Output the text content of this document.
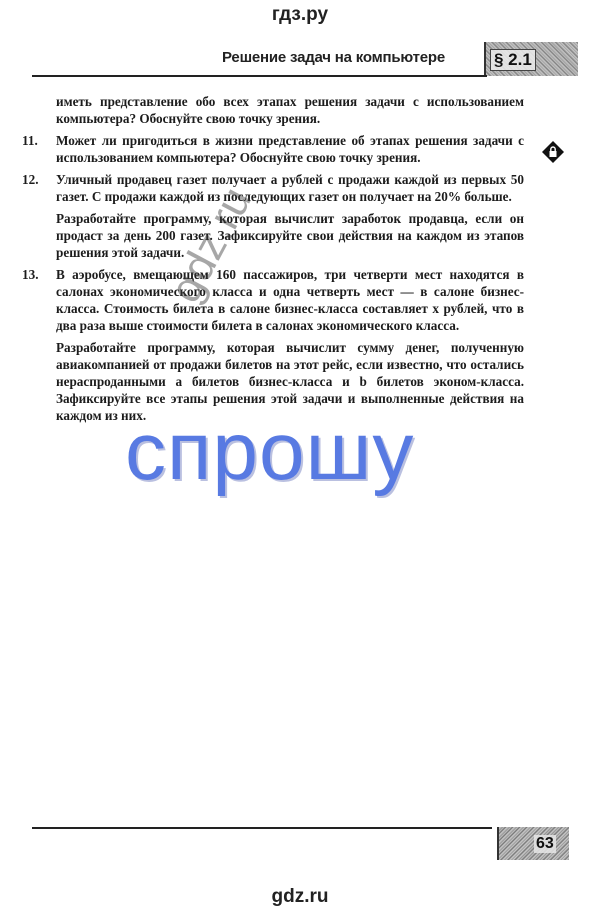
гдз.ру
Решение задач на компьютере	§ 2.1

иметь представление обо всех этапах решения задачи с использованием компьютера? Обоснуйте свою точку зрения.

11. Может ли пригодиться в жизни представление об этапах решения задачи с использованием компьютера? Обоснуйте свою точку зрения.

12. Уличный продавец газет получает a рублей с продажи каждой из первых 50 газет. С продажи каждой из последующих газет он получает на 20% больше.

Разработайте программу, которая вычислит заработок продавца, если он продаст за день 200 газет. Зафиксируйте свои действия на каждом из этапов решения этой задачи.

13. В аэробусе, вмещающем 160 пассажиров, три четверти мест находятся в салонах экономического класса и одна четверть мест — в салоне бизнес-класса. Стоимость билета в салоне бизнес-класса составляет x рублей, что в два раза выше стоимости билета в салонах экономического класса.

Разработайте программу, которая вычислит сумму денег, полученную авиакомпанией от продажи билетов на этот рейс, если известно, что остались нераспроданными a билетов бизнес-класса и b билетов эконом-класса. Зафиксируйте все этапы решения этой задачи и выполненные действия на каждом из них.

gdz.ru
спрошу
63
gdz.ru
